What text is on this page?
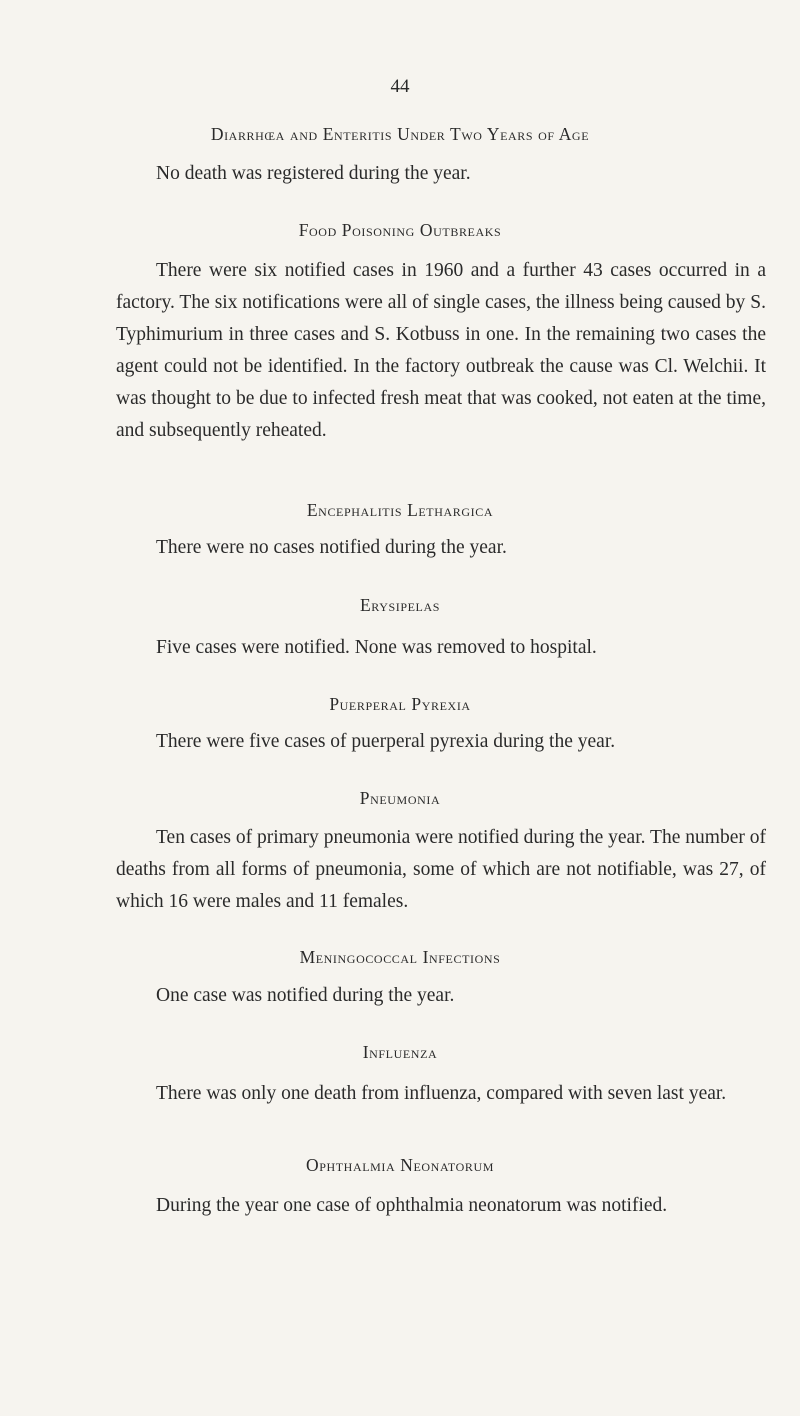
44
Diarrhœa and Enteritis Under Two Years of Age

No death was registered during the year.

Food Poisoning Outbreaks

There were six notified cases in 1960 and a further 43 cases occurred in a factory. The six notifications were all of single cases, the illness being caused by S. Typhimurium in three cases and S. Kotbuss in one. In the remaining two cases the agent could not be identified. In the factory outbreak the cause was Cl. Welchii. It was thought to be due to infected fresh meat that was cooked, not eaten at the time, and subsequently reheated.

Encephalitis Lethargica

There were no cases notified during the year.

Erysipelas

Five cases were notified. None was removed to hospital.

Puerperal Pyrexia

There were five cases of puerperal pyrexia during the year.

Pneumonia

Ten cases of primary pneumonia were notified during the year. The number of deaths from all forms of pneumonia, some of which are not notifiable, was 27, of which 16 were males and 11 females.

Meningococcal Infections

One case was notified during the year.

Influenza

There was only one death from influenza, compared with seven last year.

Ophthalmia Neonatorum

During the year one case of ophthalmia neonatorum was notified.
